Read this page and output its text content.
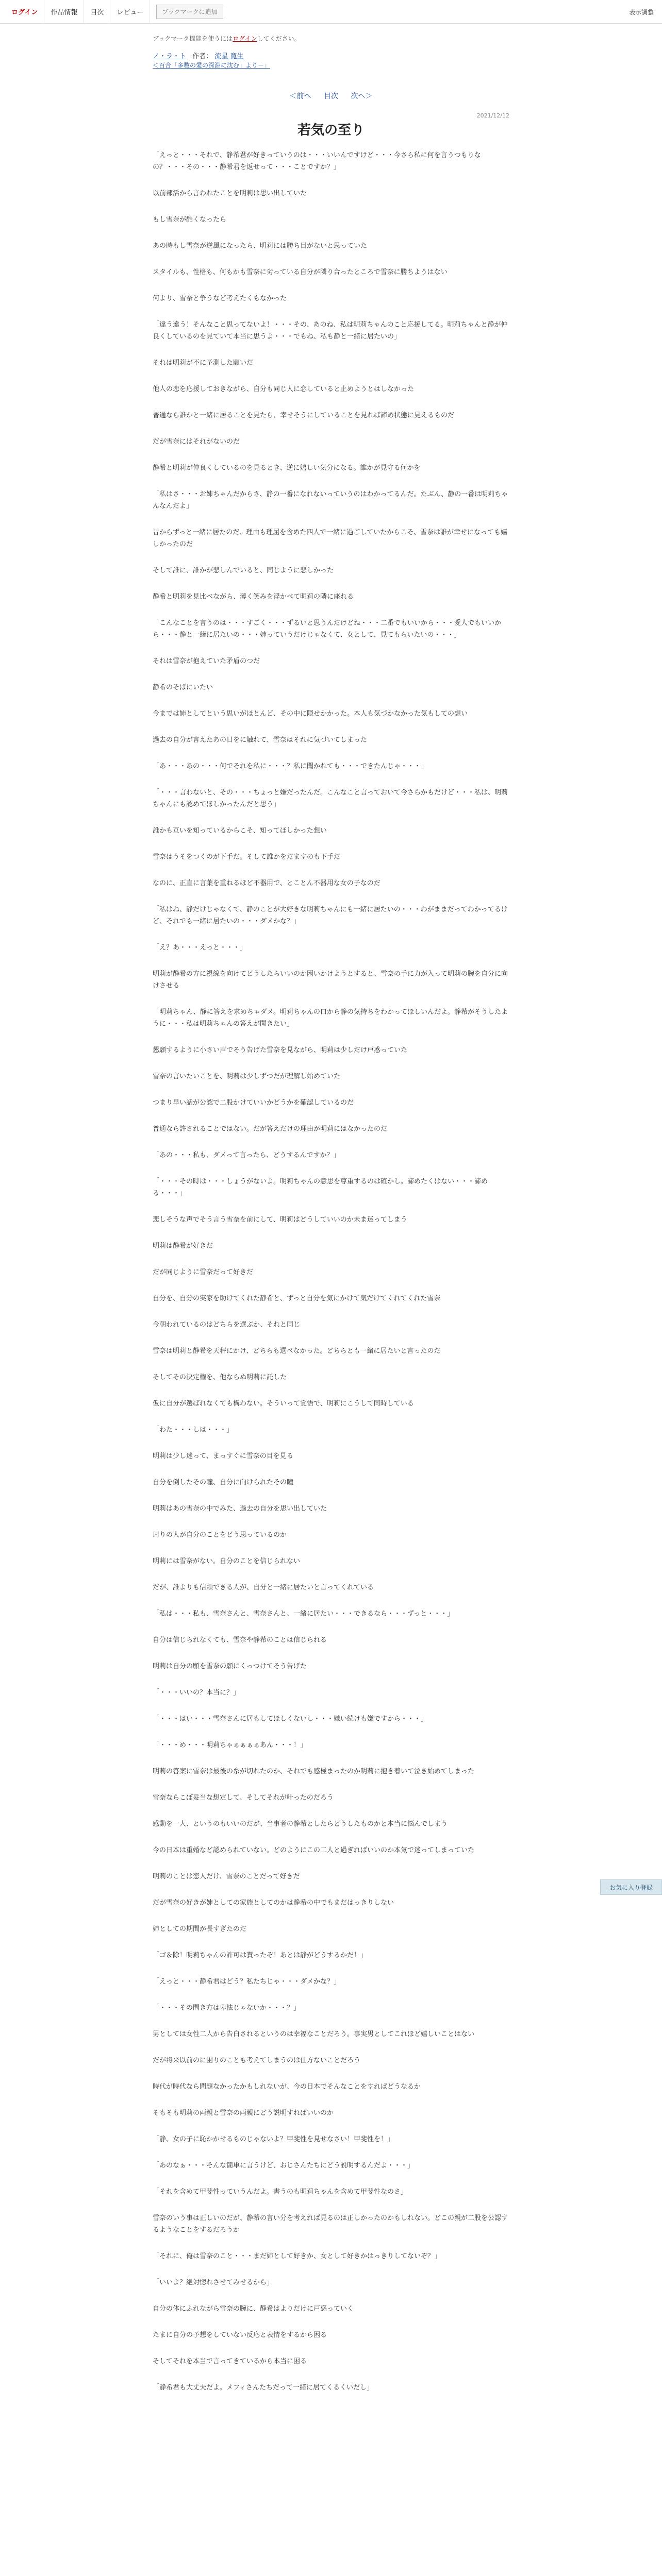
ログイン	作品情報	目次	レビュー	ブックマークに追加	表示調整
ブックマーク機能を使うにはログインしてください。
ノ・ラ・ト 作者： 流星 寛生
＜百合「多数の愛の深淵に沈む」より－」
＜前へ 目次 次へ＞
2021/12/12
若気の至り

「えっと・・・それで、静希君が好きっていうのは・・・いいんですけど・・・今さら私に何を言うつもりなの？・・・その・・・静希君を返せって・・・ことですか？」

以前部活から言われたことを明莉は思い出していた

もし雪奈が酷くなったら

あの時もし雪奈が逆風になったら、明莉には勝ち目がないと思っていた

スタイルも、性格も、何もかも雪奈に劣っている自分が隣り合ったところで雪奈に勝ちようはない

何より、雪奈と争うなど考えたくもなかった

「違う違う！そんなこと思ってないよ！・・・その、あのね、私は明莉ちゃんのこと応援してる。明莉ちゃんと静が仲良くしているのを見ていて本当に思うよ・・・でもね、私も静と一緒に居たいの」

それは明莉が不に予測した願いだ

他人の恋を応援しておきながら、自分も同じ人に恋していると止めようとはしなかった

普通なら誰かと一緒に居ることを見たら、幸せそうにしていることを見れば諦め状態に見えるものだ

だが雪奈にはそれがないのだ

静希と明莉が仲良くしているのを見るとき、逆に嬉しい気分になる。誰かが見守る何かを

「私はさ・・・お姉ちゃんだからさ、静の一番になれないっていうのはわかってるんだ。たぶん、静の一番は明莉ちゃんなんだよ」

昔からずっと一緒に居たのだ、理由も理屈を含めた四人で一緒に過ごしていたからこそ、雪奈は誰が幸せになっても嬉しかったのだ

そして誰に、誰かが悲しんでいると、同じように悲しかった

静希と明莉を見比べながら、薄く笑みを浮かべて明莉の隣に座れる

「こんなことを言うのは・・・すごく・・・ずるいと思うんだけどね・・・二番でもいいから・・・愛人でもいいから・・・静と一緒に居たいの・・・姉っていうだけじゃなくて、女として、見てもらいたいの・・・」

それは雪奈が抱えていた矛盾のつだ

静希のそばにいたい

今までは姉としてという思いがほとんど、その中に隠せかかった。本人も気づかなかった気もしての想い

過去の自分が言えたあの日をに触れて、雪奈はそれに気づいてしまった

「あ・・・あの・・・何でそれを私に・・・？私に聞かれても・・・できたんじゃ・・・」

「・・・言わないと、その・・・ちょっと嫌だったんだ。こんなこと言っておいて今さらかもだけど・・・私は、明莉ちゃんにも認めてほしかったんだと思う」

誰かも互いを知っているからこそ、知ってほしかった想い

雪奈はうそをつくのが下手だ。そして誰かをだますのも下手だ

なのに、正直に言葉を重ねるほど不器用で、とことん不器用な女の子なのだ

「私はね、静だけじゃなくて、静のことが大好きな明莉ちゃんにも一緒に居たいの・・・わがままだってわかってるけど、それでも一緒に居たいの・・・ダメかな？」

「え？あ・・・えっと・・・」

明莉が静希の方に視線を向けてどうしたらいいのか困いかけようとすると、雪奈の手に力が入って明莉の腕を自分に向けさせる

「明莉ちゃん、静に答えを求めちゃダメ。明莉ちゃんの口から静の気持ちをわかってほしいんだよ。静希がそうしたように・・・私は明莉ちゃんの答えが聞きたい」

懇願するように小さい声でそう告げた雪奈を見ながら、明莉は少しだけ戸惑っていた

雪奈の言いたいことを、明莉は少しずつだが理解し始めていた

つまり早い話が公認で二股かけていいかどうかを確認しているのだ

普通なら許されることではない。だが答えだけの理由が明莉にはなかったのだ

「あの・・・私も、ダメって言ったら、どうするんですか？」

「・・・その時は・・・しょうがないよ。明莉ちゃんの意思を尊重するのは確かし。諦めたくはない・・・諦める・・・」

悲しそうな声でそう言う雪奈を前にして、明莉はどうしていいのか未ま迷ってしまう

明莉は静希が好きだ

だが同じように雪奈だって好きだ

自分を、自分の実家を助けてくれた静希と、ずっと自分を気にかけて気だけてくれてくれた雪奈

今朝われているのはどちらを選ぶか、それと同じ

雪奈は明莉と静希を天秤にかけ、どちらも選べなかった。どちらとも一緒に居たいと言ったのだ

そしてその決定権を、他ならぬ明莉に託した

仮に自分が選ばれなくても構わない。そういって覚悟で、明莉にこうして同時している

「わた・・・しは・・・」

明莉は少し迷って、まっすぐに雪奈の目を見る

自分を倒したその瞳、自分に向けられたその瞳

明莉はあの雪奈の中でみた、過去の自分を思い出していた

周りの人が自分のことをどう思っているのか

明莉には雪奈がない。自分のことを信じられない

だが、誰よりも信頼できる人が、自分と一緒に居たいと言ってくれている

「私は・・・私も、雪奈さんと、雪奈さんと、一緒に居たい・・・できるなら・・・ずっと・・・」

自分は信じられなくても、雪奈や静希のことは信じられる

明莉は自分の願を雪奈の願にくっつけてそう告げた

「・・・いいの？本当に？」

「・・・はい・・・雪奈さんに居もしてほしくないし・・・嫌い続けも嫌ですから・・・」

「・・・め・・・明莉ちゃぁぁぁぁあん・・・！」

明莉の答案に雪奈は最後の糸が切れたのか、それでも感極まったのか明莉に抱き着いて泣き始めてしまった

雪奈ならこぼ妥当な想定して、そしてそれが叶ったのだろう

感動を一人、というのもいいのだが、当事者の静希としたらどうしたものかと本当に悩んでしまう

今の日本は重婚など認められていない。どのようにこの二人と過ぎればいいのか本気で迷ってしまっていた

明莉のことは恋人だけ、雪奈のことだって好きだ

だが雪奈の好きが姉としての家族としてのかは静希の中でもまだはっきりしない

姉としての期間が長すぎたのだ

「ゴ＆除！明莉ちゃんの許可は貰ったぞ！あとは静がどうするかだ！」

「えっと・・・静希君はどう？私たちじゃ・・・ダメかな？」

「・・・その問き方は卑怯じゃないか・・・？」

男としては女性二人から告白されるというのは幸福なことだろう。事実男としてこれほど嬉しいことはない

だが将来以前のに困りのことも考えてしまうのは仕方ないことだろう

時代が時代なら問題なかったかもしれないが、今の日本でそんなことをすればどうなるか

そもそも明莉の両親と雪奈の両親にどう説明すればいいのか

「静、女の子に恥かかせるものじゃないよ？甲斐性を見せなさい！甲斐性を！」

「あのなぁ・・・そんな簡単に言うけど、おじさんたちにどう説明するんだよ・・・」

「それを含めて甲斐性っていうんだよ。書うのも明莉ちゃんを含めて甲斐性なのさ」

雪奈のいう事は正しいのだが、静希の言い分を考えれば見るのは正しかったのかもしれない。どこの親が二股を公認するようなことをするだろうか

「それに、俺は雪奈のこと・・・まだ姉として好きか、女として好きかはっきりしてないぞ？」

「いいよ？絶対惚れさせてみせるから」

自分の体にふれながら雪奈の腕に、静希はよりだけに戸惑っていく

たまに自分の予想をしていない反応と表情をするから困る

そしてそれを本当で言ってきているから本当に困る

「静希君も大丈夫だよ。メフィさんたちだって一緒に居てくるくいだし」

お気に入り登録
